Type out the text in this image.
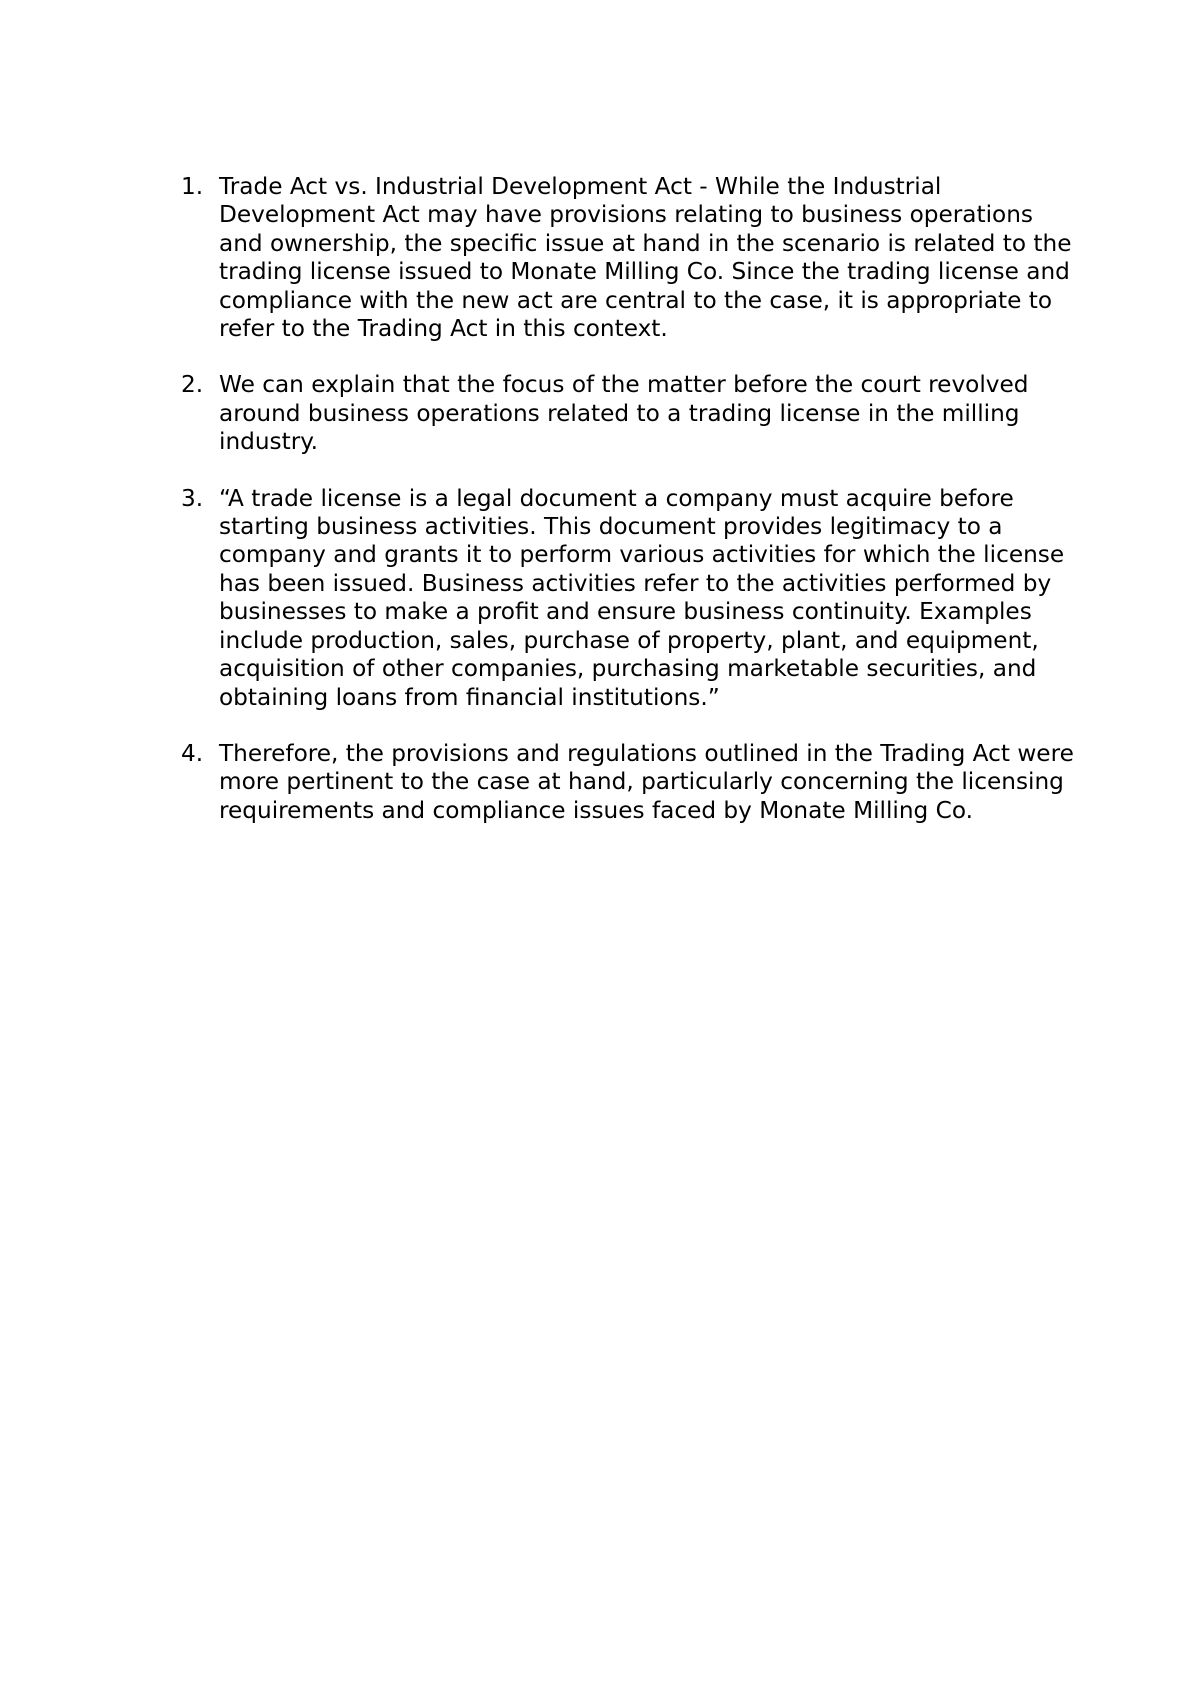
1. Trade Act vs. Industrial Development Act - While the Industrial Development Act may have provisions relating to business operations and ownership, the specific issue at hand in the scenario is related to the trading license issued to Monate Milling Co. Since the trading license and compliance with the new act are central to the case, it is appropriate to refer to the Trading Act in this context.
2. We can explain that the focus of the matter before the court revolved around business operations related to a trading license in the milling industry.
3. “A trade license is a legal document a company must acquire before starting business activities. This document provides legitimacy to a company and grants it to perform various activities for which the license has been issued. Business activities refer to the activities performed by businesses to make a profit and ensure business continuity. Examples include production, sales, purchase of property, plant, and equipment, acquisition of other companies, purchasing marketable securities, and obtaining loans from financial institutions.”
4. Therefore, the provisions and regulations outlined in the Trading Act were more pertinent to the case at hand, particularly concerning the licensing requirements and compliance issues faced by Monate Milling Co.
